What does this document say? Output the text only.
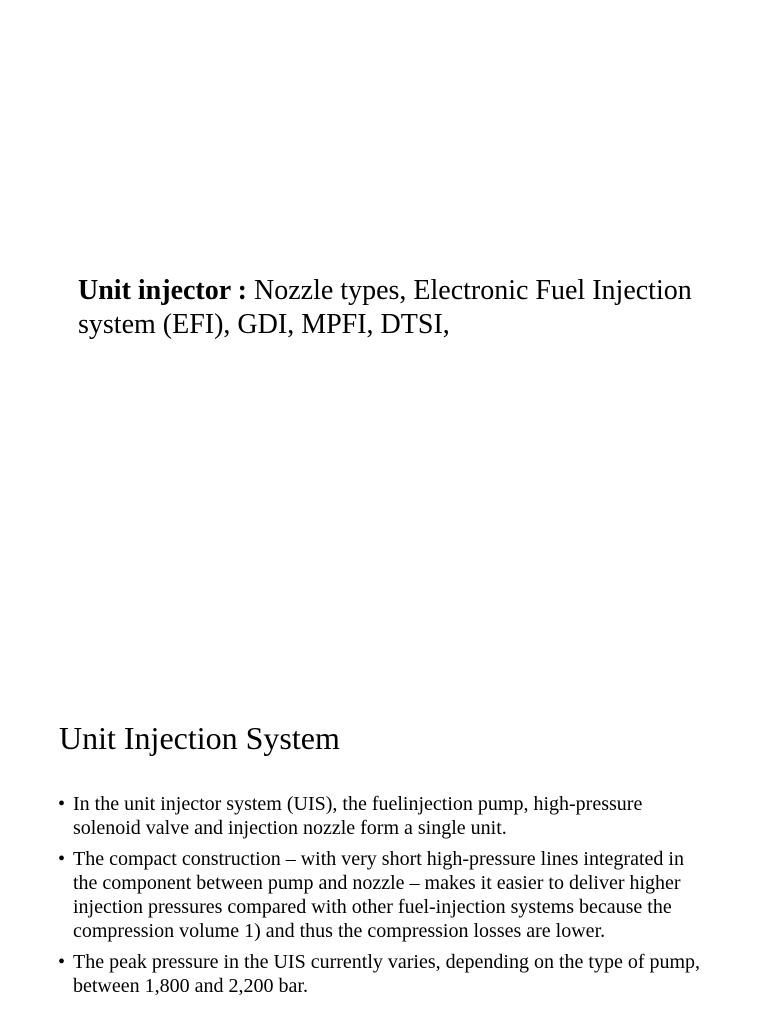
Unit injector : Nozzle types, Electronic Fuel Injection system (EFI), GDI, MPFI, DTSI,

Unit Injection System
• In the unit injector system (UIS), the fuelinjection pump, high-pressure solenoid valve and injection nozzle form a single unit.
• The compact construction – with very short high-pressure lines integrated in the component between pump and nozzle – makes it easier to deliver higher injection pressures compared with other fuel-injection systems because the compression volume 1) and thus the compression losses are lower.
• The peak pressure in the UIS currently varies, depending on the type of pump, between 1,800 and 2,200 bar.
